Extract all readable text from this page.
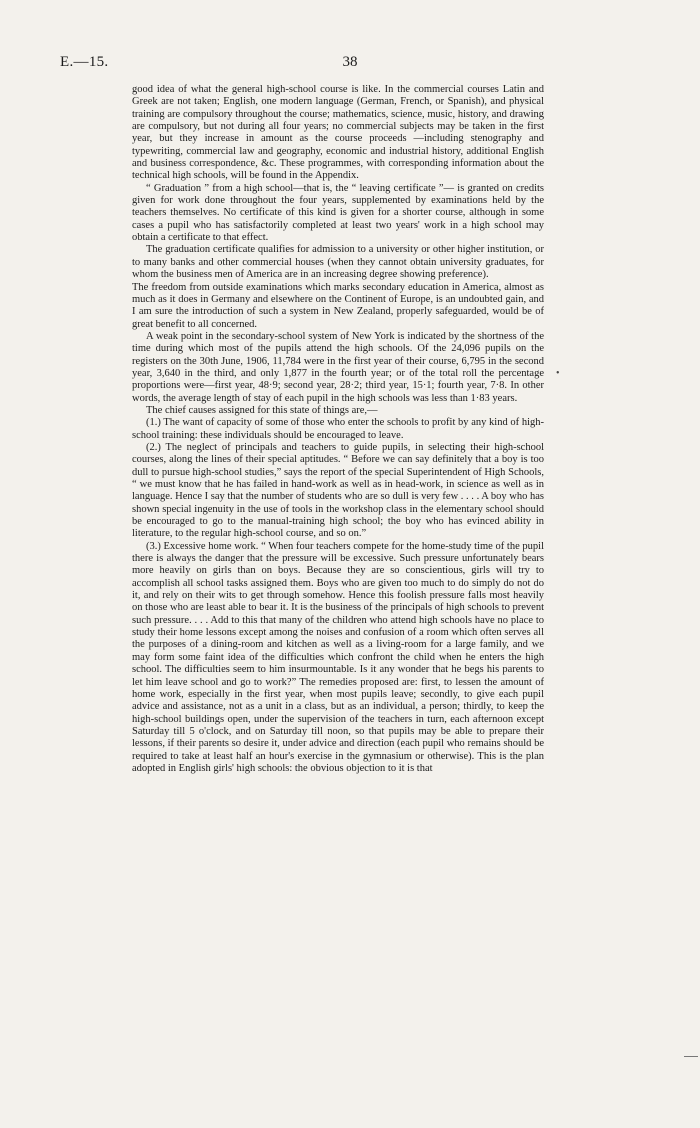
E.—15.	38

good idea of what the general high-school course is like. In the commercial courses Latin and Greek are not taken; English, one modern language (German, French, or Spanish), and physical training are compulsory throughout the course; mathematics, science, music, history, and drawing are compulsory, but not during all four years; no commercial subjects may be taken in the first year, but they increase in amount as the course proceeds —including stenography and typewriting, commercial law and geography, economic and industrial history, additional English and business correspondence, &c. These programmes, with corresponding information about the technical high schools, will be found in the Appendix.

“ Graduation ” from a high school—that is, the “ leaving certificate ”— is granted on credits given for work done throughout the four years, supplemented by examinations held by the teachers themselves. No certificate of this kind is given for a shorter course, although in some cases a pupil who has satisfactorily completed at least two years' work in a high school may obtain a certificate to that effect.

The graduation certificate qualifies for admission to a university or other higher institution, or to many banks and other commercial houses (when they cannot obtain university graduates, for whom the business men of America are in an increasing degree showing preference).

The freedom from outside examinations which marks secondary education in America, almost as much as it does in Germany and elsewhere on the Continent of Europe, is an undoubted gain, and I am sure the introduction of such a system in New Zealand, properly safeguarded, would be of great benefit to all concerned.

A weak point in the secondary-school system of New York is indicated by the shortness of the time during which most of the pupils attend the high schools. Of the 24,096 pupils on the registers on the 30th June, 1906, 11,784 were in the first year of their course, 6,795 in the second year, 3,640 in the third, and only 1,877 in the fourth year; or of the total roll the percentage proportions were—first year, 48·9; second year, 28·2; third year, 15·1; fourth year, 7·8. In other words, the average length of stay of each pupil in the high schools was less than 1·83 years.

The chief causes assigned for this state of things are,—

(1.) The want of capacity of some of those who enter the schools to profit by any kind of high-school training: these individuals should be encouraged to leave.

(2.) The neglect of principals and teachers to guide pupils, in selecting their high-school courses, along the lines of their special aptitudes. “ Before we can say definitely that a boy is too dull to pursue high-school studies,” says the report of the special Superintendent of High Schools, “ we must know that he has failed in hand-work as well as in head-work, in science as well as in language. Hence I say that the number of students who are so dull is very few . . . . A boy who has shown special ingenuity in the use of tools in the workshop class in the elementary school should be encouraged to go to the manual-training high school; the boy who has evinced ability in literature, to the regular high-school course, and so on.”

(3.) Excessive home work. “ When four teachers compete for the home-study time of the pupil there is always the danger that the pressure will be excessive. Such pressure unfortunately bears more heavily on girls than on boys. Because they are so conscientious, girls will try to accomplish all school tasks assigned them. Boys who are given too much to do simply do not do it, and rely on their wits to get through somehow. Hence this foolish pressure falls most heavily on those who are least able to bear it. It is the business of the principals of high schools to prevent such pressure. . . . Add to this that many of the children who attend high schools have no place to study their home lessons except among the noises and confusion of a room which often serves all the purposes of a dining-room and kitchen as well as a living-room for a large family, and we may form some faint idea of the difficulties which confront the child when he enters the high school. The difficulties seem to him insurmountable. Is it any wonder that he begs his parents to let him leave school and go to work?” The remedies proposed are: first, to lessen the amount of home work, especially in the first year, when most pupils leave; secondly, to give each pupil advice and assistance, not as a unit in a class, but as an individual, a person; thirdly, to keep the high-school buildings open, under the supervision of the teachers in turn, each afternoon except Saturday till 5 o'clock, and on Saturday till noon, so that pupils may be able to prepare their lessons, if their parents so desire it, under advice and direction (each pupil who remains should be required to take at least half an hour's exercise in the gymnasium or otherwise). This is the plan adopted in English girls' high schools: the obvious objection to it is that

•
